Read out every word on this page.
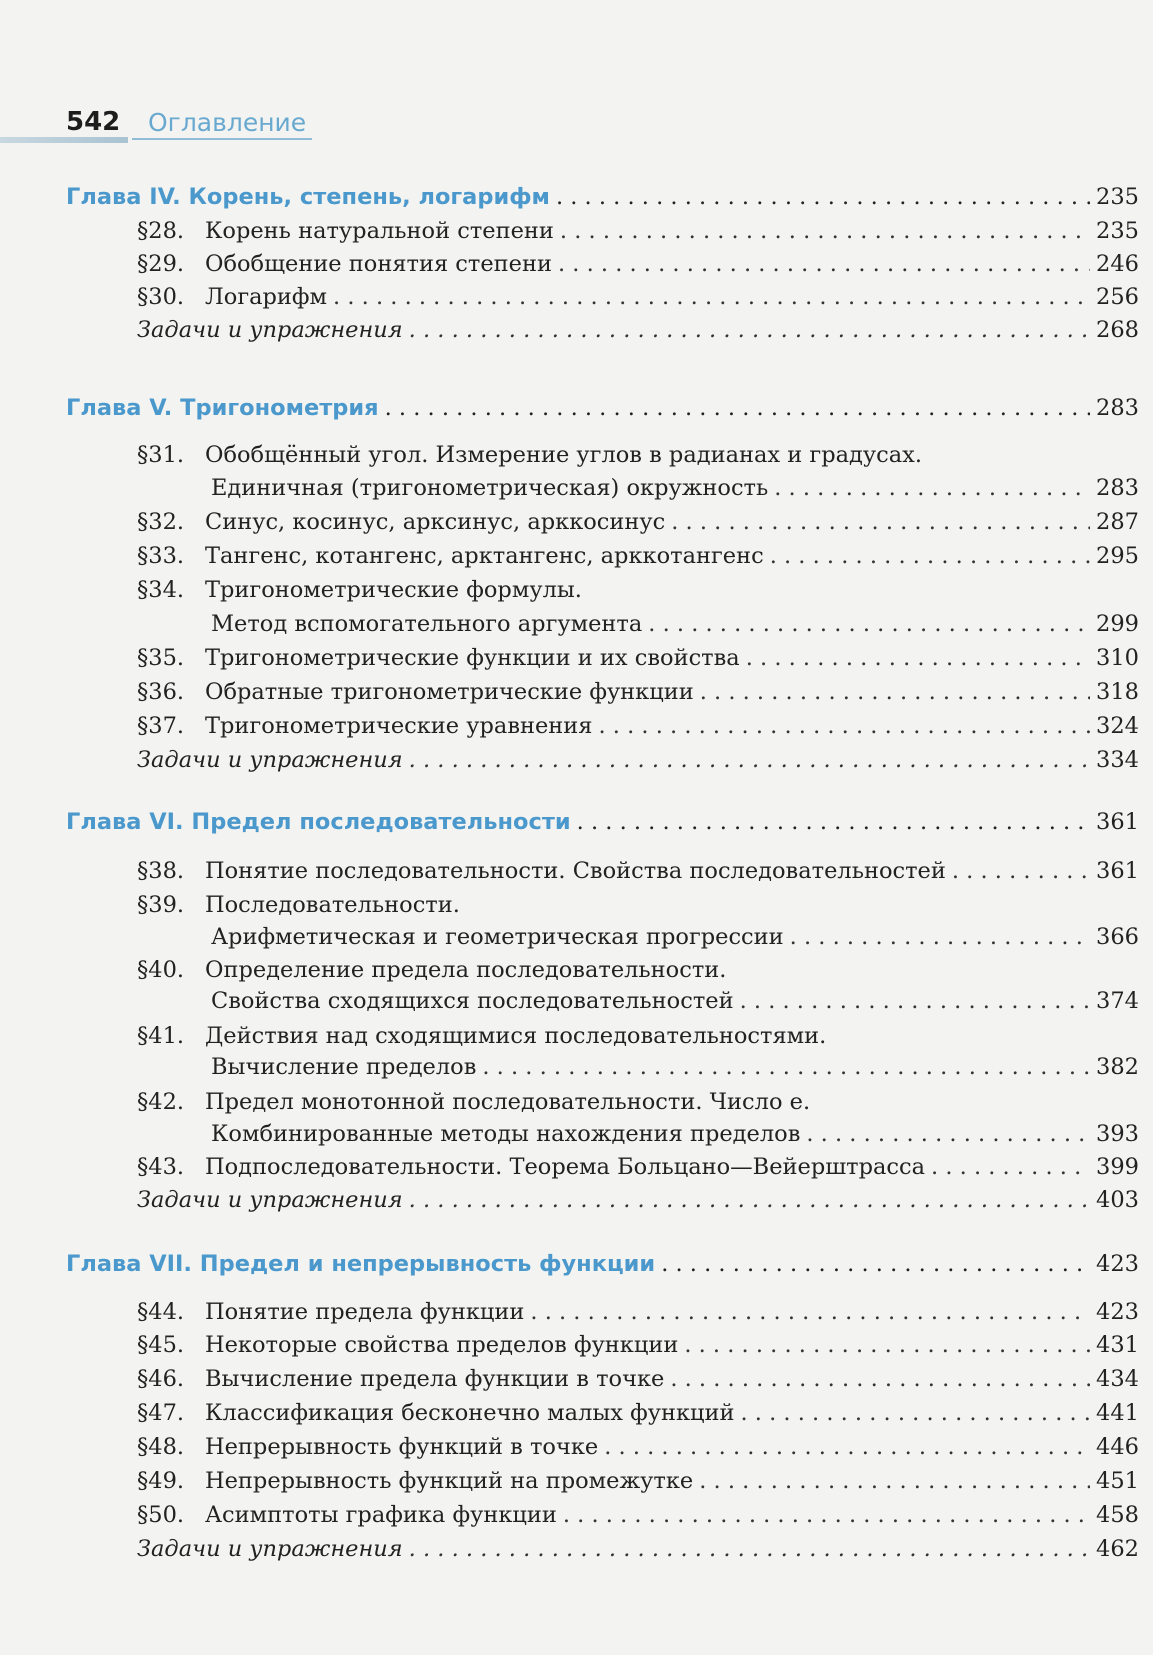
542 Оглавление
Глава IV. Корень, степень, логарифм . . .	235
§28. Корень натуральной степени . . .	235
§29. Обобщение понятия степени . . .	246
§30. Логарифм . . .	256
Задачи и упражнения . . .	268
Глава V. Тригонометрия . . .	283
§31. Обобщённый угол. Измерение углов в радианах и градусах.
Единичная (тригонометрическая) окружность . . .	283
§32. Синус, косинус, арксинус, арккосинус . . .	287
§33. Тангенс, котангенс, арктангенс, арккотангенс . . .	295
§34. Тригонометрические формулы.
Метод вспомогательного аргумента . . .	299
§35. Тригонометрические функции и их свойства . . .	310
§36. Обратные тригонометрические функции . . .	318
§37. Тригонометрические уравнения . . .	324
Задачи и упражнения . . .	334
Глава VI. Предел последовательности . . .	361
§38. Понятие последовательности. Свойства последовательностей . . .	361
§39. Последовательности.
Арифметическая и геометрическая прогрессии . . .	366
§40. Определение предела последовательности.
Свойства сходящихся последовательностей . . .	374
§41. Действия над сходящимися последовательностями.
Вычисление пределов . . .	382
§42. Предел монотонной последовательности. Число e.
Комбинированные методы нахождения пределов . . .	393
§43. Подпоследовательности. Теорема Больцано—Вейерштрасса . . .	399
Задачи и упражнения . . .	403
Глава VII. Предел и непрерывность функции . . .	423
§44. Понятие предела функции . . .	423
§45. Некоторые свойства пределов функции . . .	431
§46. Вычисление предела функции в точке . . .	434
§47. Классификация бесконечно малых функций . . .	441
§48. Непрерывность функций в точке . . .	446
§49. Непрерывность функций на промежутке . . .	451
§50. Асимптоты графика функции . . .	458
Задачи и упражнения . . .	462
